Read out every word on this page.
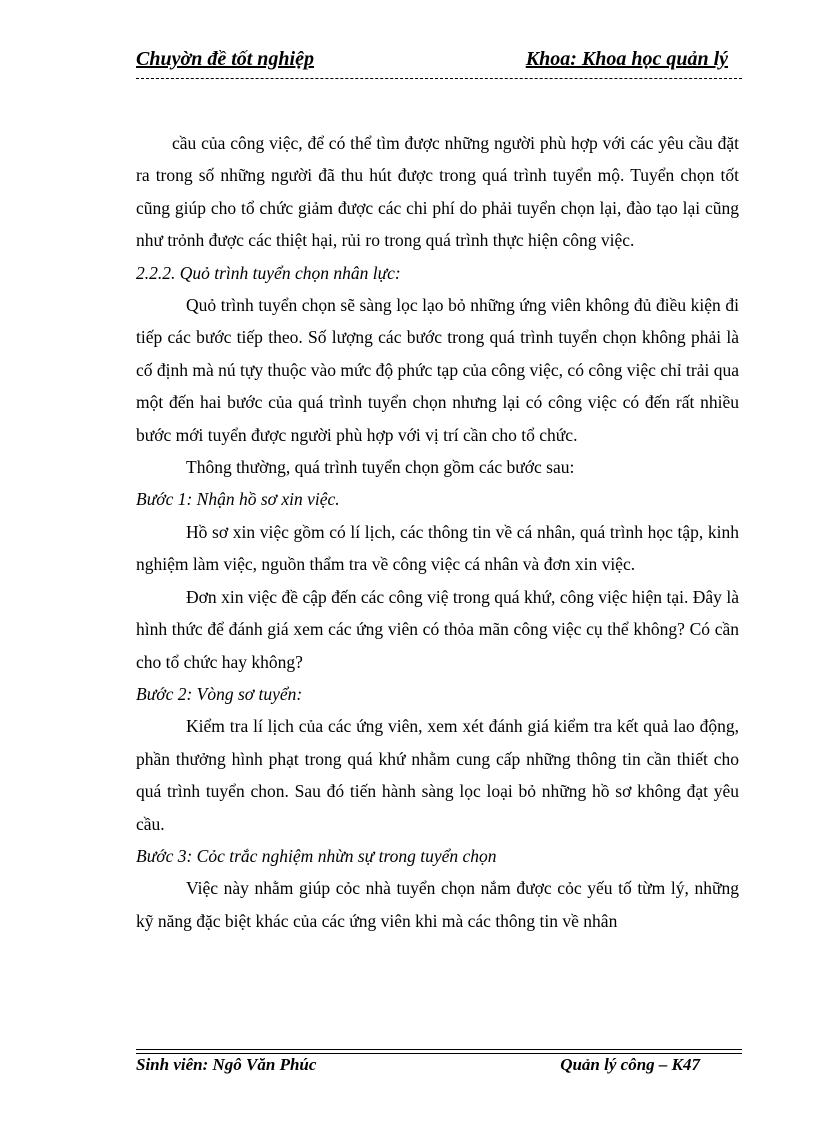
Chuyờn đề tốt nghiệp	Khoa: Khoa học quản lý

cầu của công việc, để có thể tìm được những người phù hợp với các yêu cầu đặt ra trong số những người đã thu hút được trong quá trình tuyển mộ. Tuyển chọn tốt cũng giúp cho tổ chức giảm được các chi phí do phải tuyển chọn lại, đào tạo lại cũng như trỏnh được các thiệt hại, rủi ro trong quá trình thực hiện công việc.

2.2.2. Quỏ trình tuyển chọn nhân lực:

Quỏ trình tuyển chọn sẽ sàng lọc lạo bỏ những ứng viên không đủ điều kiện đi tiếp các bước tiếp theo. Số lượng các bước trong quá trình tuyển chọn không phải là cố định mà nú tựy thuộc vào mức độ phức tạp của công việc, có công việc chỉ trải qua một đến hai bước của quá trình tuyển chọn nhưng lại có công việc có đến rất nhiều bước mới tuyển được người phù hợp với vị trí cần cho tổ chức.

Thông thường, quá trình tuyển chọn gồm các bước sau:

Bước 1: Nhận hồ sơ xin việc.

Hồ sơ xin việc gồm có lí lịch, các thông tin về cá nhân, quá trình học tập, kinh nghiệm làm việc, nguồn thẩm tra về công việc cá nhân và đơn xin việc.

Đơn xin việc đề cập đến các công việ trong quá khứ, công việc hiện tại. Đây là hình thức để đánh giá xem các ứng viên có thỏa mãn công việc cụ thể không? Có cần cho tổ chức hay không?

Bước 2: Vòng sơ tuyển:

Kiểm tra lí lịch của các ứng viên, xem xét đánh giá kiểm tra kết quả lao động, phần thưởng hình phạt trong quá khứ nhằm cung cấp những thông tin cần thiết cho quá trình tuyển chon. Sau đó tiến hành sàng lọc loại bỏ những hồ sơ không đạt yêu cầu.

Bước 3: Cỏc trắc nghiệm nhừn sự trong tuyển chọn

Việc này nhằm giúp cỏc nhà tuyển chọn nắm được cỏc yếu tố từm lý, những kỹ năng đặc biệt khác của các ứng viên khi mà các thông tin về nhân

Sinh viên: Ngô Văn Phúc	Quản lý công – K47
